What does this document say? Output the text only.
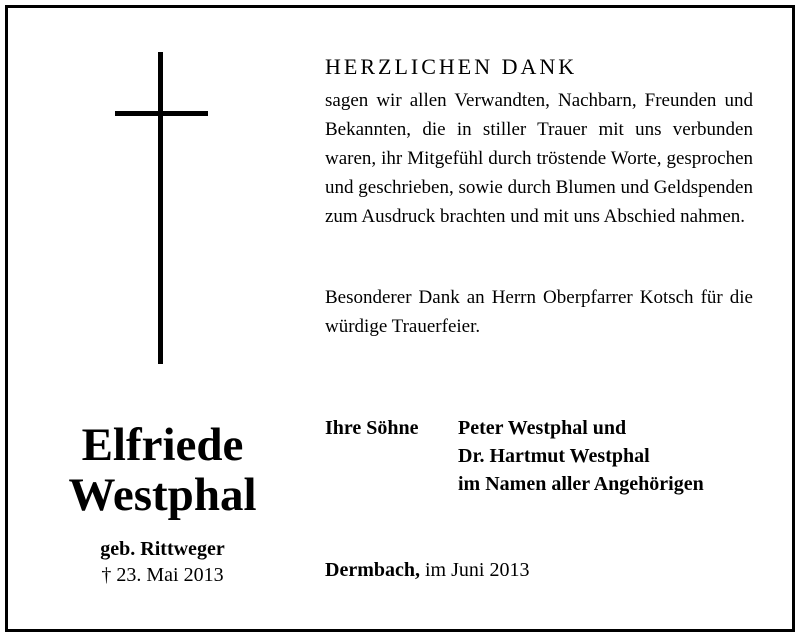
Elfriede
Westphal
geb. Rittweger
† 23. Mai 2013
HERZLICHEN DANK

sagen wir allen Verwandten, Nachbarn, Freunden und Bekannten, die in stiller Trauer mit uns verbunden waren, ihr Mitgefühl durch tröstende Worte, gesprochen und geschrieben, sowie durch Blumen und Geldspenden zum Ausdruck brachten und mit uns Abschied nahmen.

Besonderer Dank an Herrn Oberpfarrer Kotsch für die würdige Trauerfeier.

Ihre Söhne Peter Westphal und
Dr. Hartmut Westphal
im Namen aller Angehörigen
Dermbach, im Juni 2013
